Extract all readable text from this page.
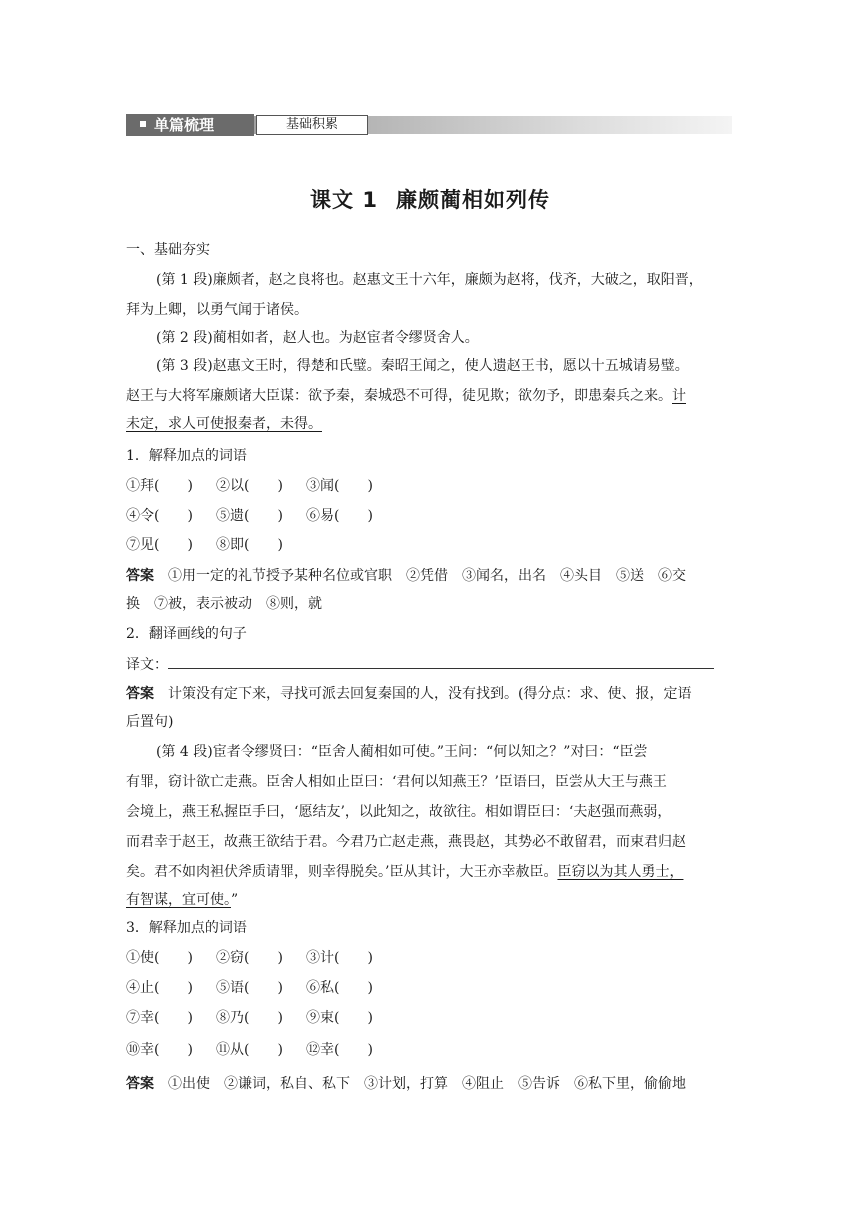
单篇梳理	基础积累
课文 1 廉颇蔺相如列传
一、基础夯实
(第 1 段)廉颇者，赵之良将也。赵惠文王十六年，廉颇为赵将，伐齐，大破之，取阳晋，
拜为上卿，以勇气闻于诸侯。
(第 2 段)蔺相如者，赵人也。为赵宦者令缪贤舍人。
(第 3 段)赵惠文王时，得楚和氏璧。秦昭王闻之，使人遗赵王书，愿以十五城请易璧。
赵王与大将军廉颇诸大臣谋：欲予秦，秦城恐不可得，徒见欺；欲勿予，即患秦兵之来。计
未定，求人可使报秦者，未得。
1．解释加点的词语
①拜(　　) ②以(　　) ③闻(　　)
④令(　　) ⑤遗(　　) ⑥易(　　)
⑦见(　　) ⑧即(　　)
答案　 ①用一定的礼节授予某种名位或官职　②凭借　③闻名，出名　④头目　⑤送　⑥交
换　⑦被，表示被动　⑧则，就
2．翻译画线的句子
译文：
答案　 计策没有定下来，寻找可派去回复秦国的人，没有找到。(得分点：求、使、报，定语
后置句)
(第 4 段)宦者令缪贤曰：“臣舍人蔺相如可使。”王问：“何以知之？”对曰：“臣尝
有罪，窃计欲亡走燕。臣舍人相如止臣曰：‘君何以知燕王？’臣语曰，臣尝从大王与燕王
会境上，燕王私握臣手曰，‘愿结友’，以此知之，故欲往。相如谓臣曰：‘夫赵强而燕弱，
而君幸于赵王，故燕王欲结于君。今君乃亡赵走燕，燕畏赵，其势必不敢留君，而束君归赵
矣。君不如肉袒伏斧质请罪，则幸得脱矣。’臣从其计，大王亦幸赦臣。臣窃以为其人勇士，
有智谋，宜可使。”
3．解释加点的词语
①使(　　) ②窃(　　) ③计(　　)
④止(　　) ⑤语(　　) ⑥私(　　)
⑦幸(　　) ⑧乃(　　) ⑨束(　　)
⑩幸(　　) ⑪从(　　) ⑫幸(　　)
答案　 ①出使　②谦词，私自、私下　③计划，打算　④阻止　⑤告诉　⑥私下里，偷偷地
